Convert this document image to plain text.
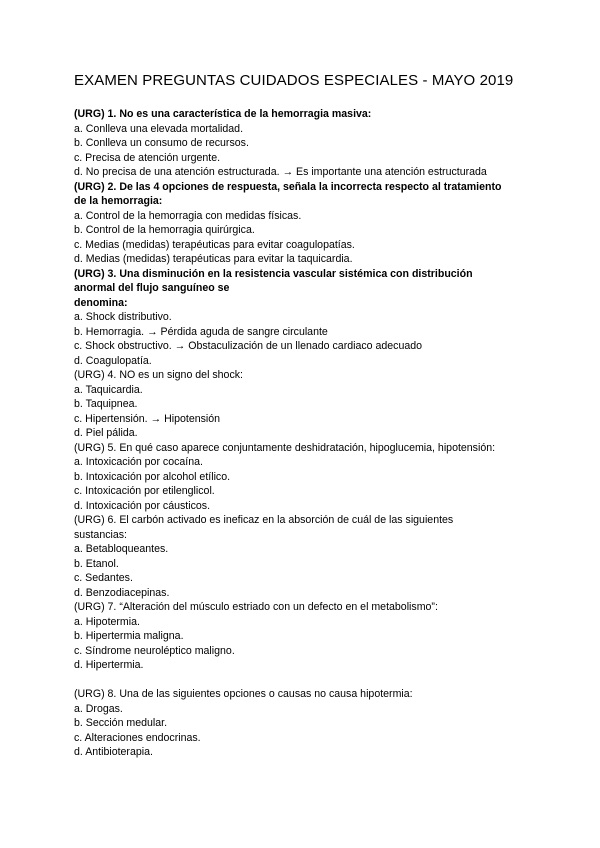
EXAMEN PREGUNTAS CUIDADOS ESPECIALES - MAYO 2019
(URG) 1. No es una característica de la hemorragia masiva:
a. Conlleva una elevada mortalidad.
b. Conlleva un consumo de recursos.
c. Precisa de atención urgente.
d. No precisa de una atención estructurada. → Es importante una atención estructurada
(URG) 2. De las 4 opciones de respuesta, señala la incorrecta respecto al tratamiento
de la hemorragia:
a. Control de la hemorragia con medidas físicas.
b. Control de la hemorragia quirúrgica.
c. Medias (medidas) terapéuticas para evitar coagulopatías.
d. Medias (medidas) terapéuticas para evitar la taquicardia.
(URG) 3. Una disminución en la resistencia vascular sistémica con distribución
anormal del flujo sanguíneo se
denomina:
a. Shock distributivo.
b. Hemorragia. → Pérdida aguda de sangre circulante
c. Shock obstructivo. → Obstaculización de un llenado cardiaco adecuado
d. Coagulopatía.
(URG) 4. NO es un signo del shock:
a. Taquicardia.
b. Taquipnea.
c. Hipertensión. → Hipotensión
d. Piel pálida.
(URG) 5. En qué caso aparece conjuntamente deshidratación, hipoglucemia, hipotensión:
a. Intoxicación por cocaína.
b. Intoxicación por alcohol etílico.
c. Intoxicación por etilenglicol.
d. Intoxicación por cáusticos.
(URG) 6. El carbón activado es ineficaz en la absorción de cuál de las siguientes
sustancias:
a. Betabloqueantes.
b. Etanol.
c. Sedantes.
d. Benzodiacepinas.
(URG) 7. “Alteración del músculo estriado con un defecto en el metabolismo”:
a. Hipotermia.
b. Hipertermia maligna.
c. Síndrome neuroléptico maligno.
d. Hipertermia.
(URG) 8. Una de las siguientes opciones o causas no causa hipotermia:
a. Drogas.
b. Sección medular.
c. Alteraciones endocrinas.
d. Antibioterapia.
